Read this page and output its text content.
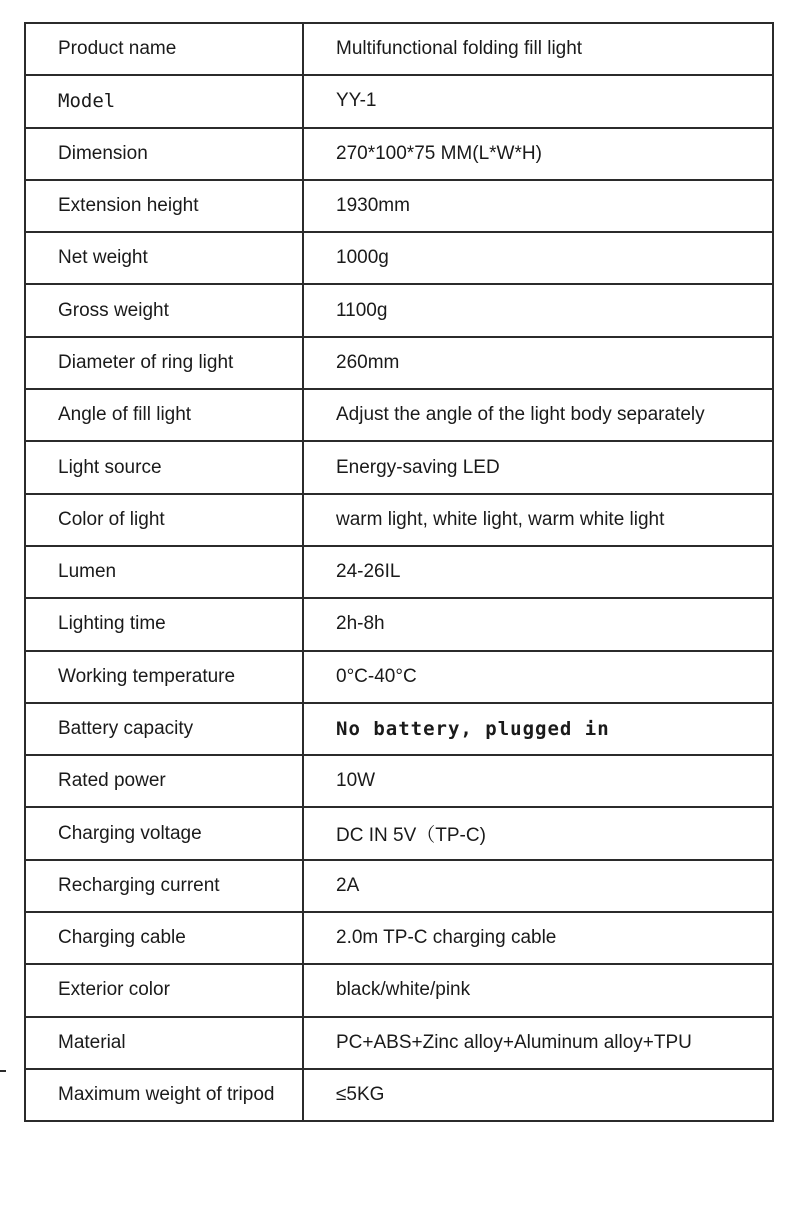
Product name	Multifunctional folding fill light
Model	YY-1
Dimension	270*100*75 MM(L*W*H)
Extension height	1930mm
Net weight	1000g
Gross weight	1100g
Diameter of ring light	260mm
Angle of fill light	Adjust the angle of the light body separately
Light source	Energy-saving LED
Color of light	warm light, white light, warm white light
Lumen	24-26IL
Lighting time	2h-8h
Working temperature	0°C-40°C
Battery capacity	No battery, plugged in
Rated power	10W
Charging voltage	DC IN 5V（TP-C)
Recharging current	2A
Charging cable	2.0m TP-C charging cable
Exterior color	black/white/pink
Material	PC+ABS+Zinc alloy+Aluminum alloy+TPU
Maximum weight of tripod	≤5KG
